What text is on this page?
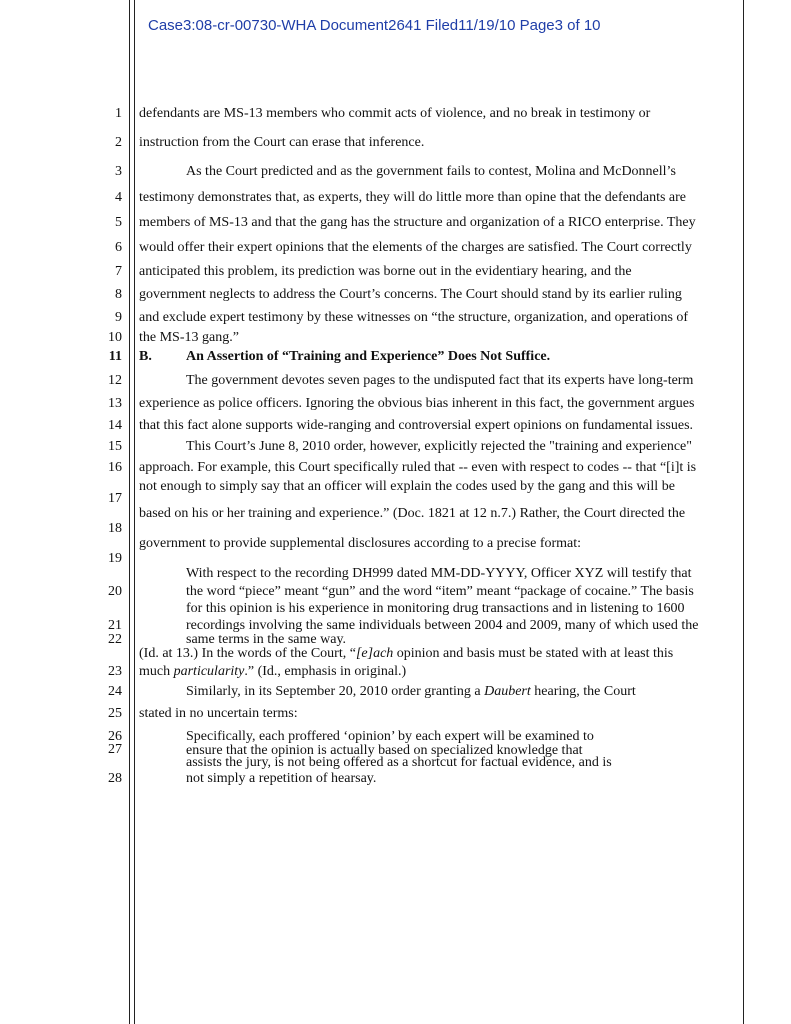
Case3:08-cr-00730-WHA Document2641 Filed11/19/10 Page3 of 10
1
2
3
4
5
6
7
8
9
10
11
12
13
14
15
16
17
18
19
20
21
22
23
24
25
26
27
28
defendants are MS-13 members who commit acts of violence, and no break in testimony or
instruction from the Court can erase that inference.
As the Court predicted and as the government fails to contest, Molina and McDonnell’s
testimony demonstrates that, as experts, they will do little more than opine that the defendants are
members of MS-13 and that the gang has the structure and organization of a RICO enterprise. They
would offer their expert opinions that the elements of the charges are satisfied. The Court correctly
anticipated this problem, its prediction was borne out in the evidentiary hearing, and the
government neglects to address the Court’s concerns. The Court should stand by its earlier ruling
and exclude expert testimony by these witnesses on “the structure, organization, and operations of
the MS-13 gang.”
B. An Assertion of “Training and Experience” Does Not Suffice.
The government devotes seven pages to the undisputed fact that its experts have long-term
experience as police officers. Ignoring the obvious bias inherent in this fact, the government argues
that this fact alone supports wide-ranging and controversial expert opinions on fundamental issues.
This Court’s June 8, 2010 order, however, explicitly rejected the "training and experience"
approach. For example, this Court specifically ruled that -- even with respect to codes -- that “[i]t is
not enough to simply say that an officer will explain the codes used by the gang and this will be
based on his or her training and experience.” (Doc. 1821 at 12 n.7.) Rather, the Court directed the
government to provide supplemental disclosures according to a precise format:
With respect to the recording DH999 dated MM-DD-YYYY, Officer XYZ will testify that
the word “piece” meant “gun” and the word “item” meant “package of cocaine.” The basis
for this opinion is his experience in monitoring drug transactions and in listening to 1600
recordings involving the same individuals between 2004 and 2009, many of which used the
same terms in the same way.
(Id. at 13.) In the words of the Court, “[e]ach opinion and basis must be stated with at least this
much particularity.” (Id., emphasis in original.)
Similarly, in its September 20, 2010 order granting a Daubert hearing, the Court
stated in no uncertain terms:
Specifically, each proffered ‘opinion’ by each expert will be examined to
ensure that the opinion is actually based on specialized knowledge that
assists the jury, is not being offered as a shortcut for factual evidence, and is
not simply a repetition of hearsay.
